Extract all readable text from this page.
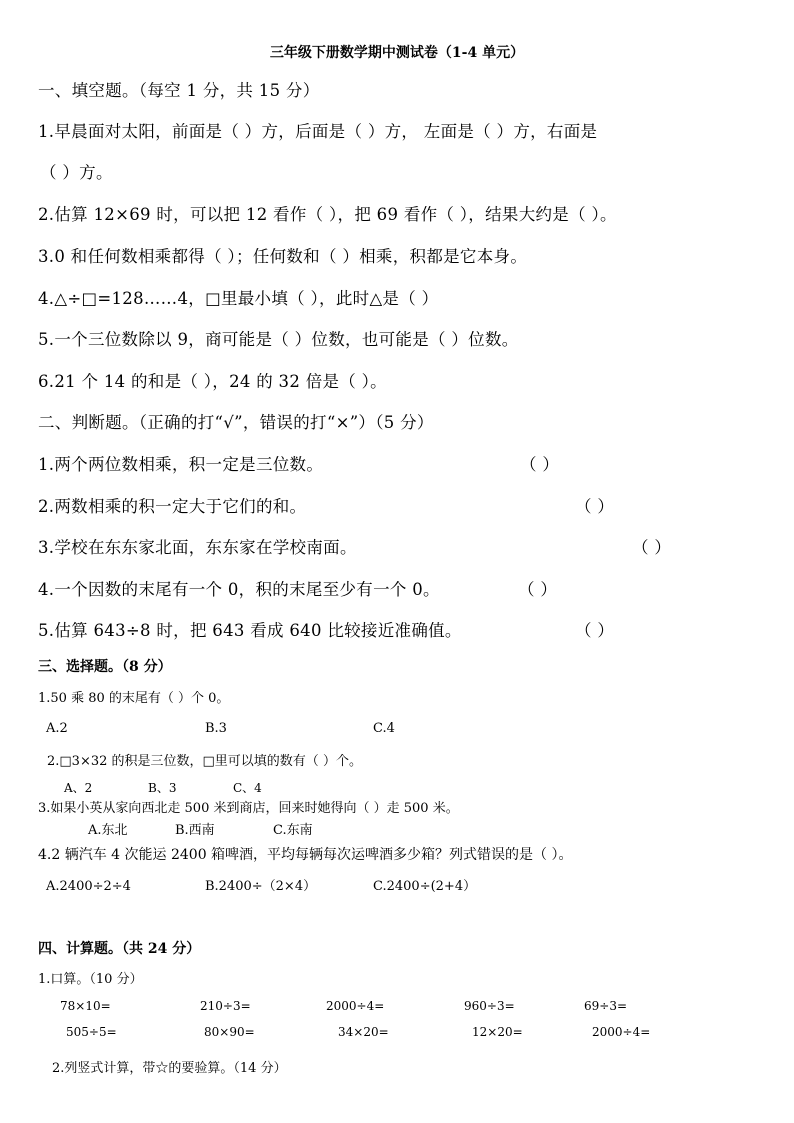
三年级下册数学期中测试卷（1-4 单元）
一、填空题。（每空 1 分，共 15 分）
1.早晨面对太阳，前面是（ ）方，后面是（ ）方， 左面是（ ）方，右面是
（ ）方。
2.估算 12×69 时，可以把 12 看作（ ），把 69 看作（ ），结果大约是（ ）。
3.0 和任何数相乘都得（ ）；任何数和（ ）相乘，积都是它本身。
4.△÷□=128……4，□里最小填（ ），此时△是（ ）
5.一个三位数除以 9，商可能是（ ）位数，也可能是（ ）位数。
6.21 个 14 的和是（ ），24 的 32 倍是（ ）。
二、判断题。（正确的打“√”，错误的打“×”）（5 分）
1.两个两位数相乘，积一定是三位数。	（ ）
2.两数相乘的积一定大于它们的和。	（ ）
3.学校在东东家北面，东东家在学校南面。	（ ）
4.一个因数的末尾有一个 0，积的末尾至少有一个 0。	（ ）
5.估算 643÷8 时，把 643 看成 640 比较接近准确值。	（ ）
三、选择题。（8 分）
1.50 乘 80 的末尾有（ ）个 0。
A.2	B.3	C.4
2.□3×32 的积是三位数，□里可以填的数有（ ）个。
A、2	B、3	C、4
3.如果小英从家向西北走 500 米到商店，回来时她得向（ ）走 500 米。
A.东北	B.西南	C.东南
4.2 辆汽车 4 次能运 2400 箱啤酒，平均每辆每次运啤酒多少箱？列式错误的是（ ）。
A.2400÷2÷4	B.2400÷（2×4）	C.2400÷(2+4）
四、计算题。（共 24 分）
1.口算。（10 分）
78×10=	210÷3=	2000÷4=	960÷3=	69÷3=
505÷5=	80×90=	34×20=	12×20=	2000÷4=
2.列竖式计算，带☆的要验算。（14 分）
